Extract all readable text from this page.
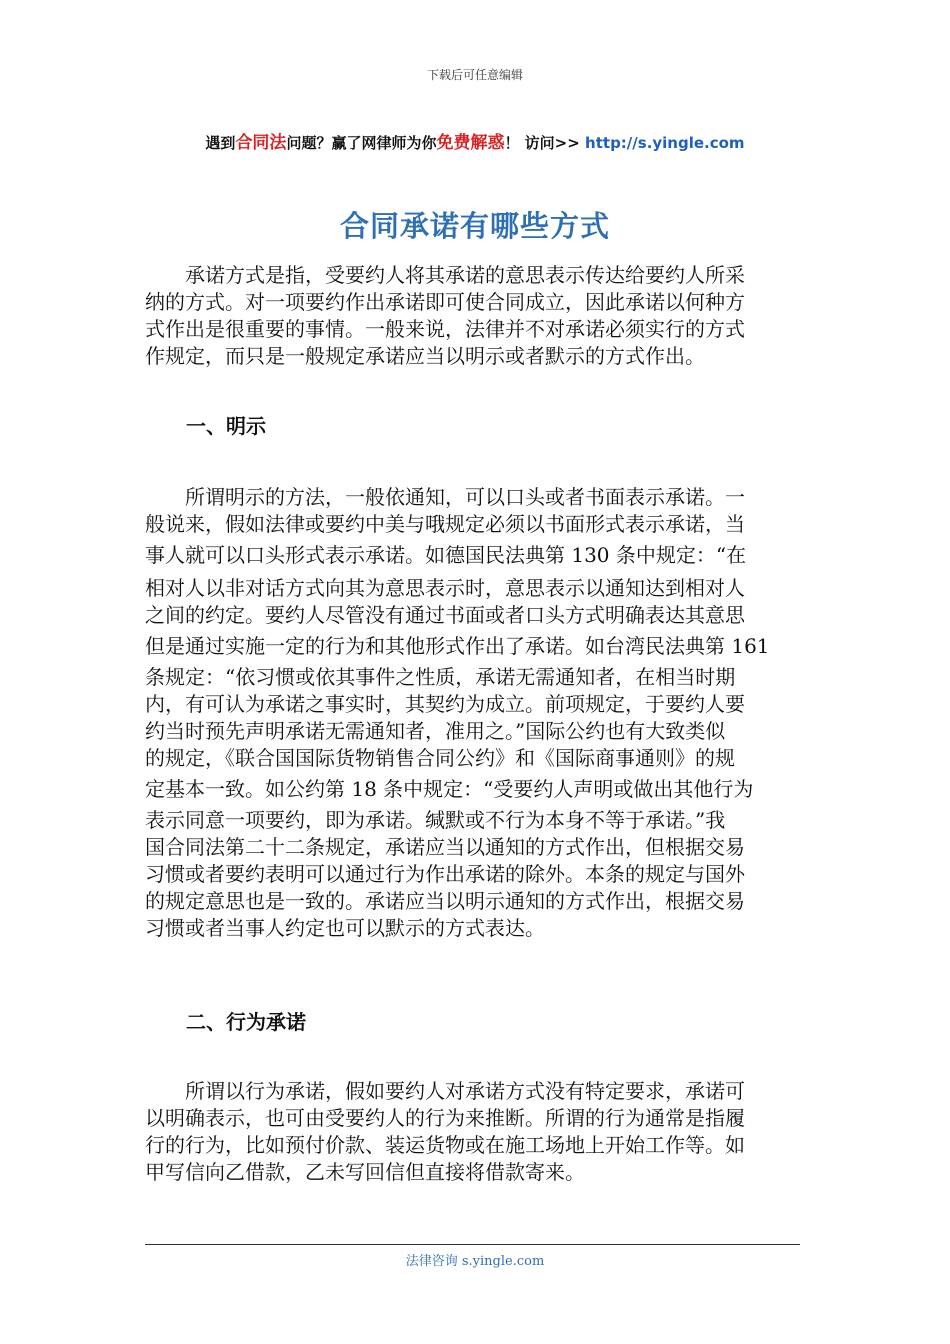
下载后可任意编辑
遇到合同法问题？赢了网律师为你免费解惑！ 访问>> http://s.yingle.com
合同承诺有哪些方式

承诺方式是指，受要约人将其承诺的意思表示传达给要约人所采
纳的方式。对一项要约作出承诺即可使合同成立，因此承诺以何种方
式作出是很重要的事情。一般来说，法律并不对承诺必须实行的方式
作规定，而只是一般规定承诺应当以明示或者默示的方式作出。

一、明示

所谓明示的方法，一般依通知，可以口头或者书面表示承诺。一
般说来，假如法律或要约中美与哦规定必须以书面形式表示承诺，当
事人就可以口头形式表示承诺。如德国民法典第 130 条中规定：“在
相对人以非对话方式向其为意思表示时，意思表示以通知达到相对人
之间的约定。要约人尽管没有通过书面或者口头方式明确表达其意思
但是通过实施一定的行为和其他形式作出了承诺。如台湾民法典第 161
条规定：“依习惯或依其事件之性质，承诺无需通知者，在相当时期
内，有可认为承诺之事实时，其契约为成立。前项规定，于要约人要
约当时预先声明承诺无需通知者，准用之。”国际公约也有大致类似
的规定，《联合国国际货物销售合同公约》和《国际商事通则》的规
定基本一致。如公约第 18 条中规定：“受要约人声明或做出其他行为
表示同意一项要约，即为承诺。缄默或不行为本身不等于承诺。”我
国合同法第二十二条规定，承诺应当以通知的方式作出，但根据交易
习惯或者要约表明可以通过行为作出承诺的除外。本条的规定与国外
的规定意思也是一致的。承诺应当以明示通知的方式作出，根据交易
习惯或者当事人约定也可以默示的方式表达。

二、行为承诺

所谓以行为承诺，假如要约人对承诺方式没有特定要求，承诺可
以明确表示，也可由受要约人的行为来推断。所谓的行为通常是指履
行的行为，比如预付价款、装运货物或在施工场地上开始工作等。如
甲写信向乙借款，乙未写回信但直接将借款寄来。

法律咨询 s.yingle.com
